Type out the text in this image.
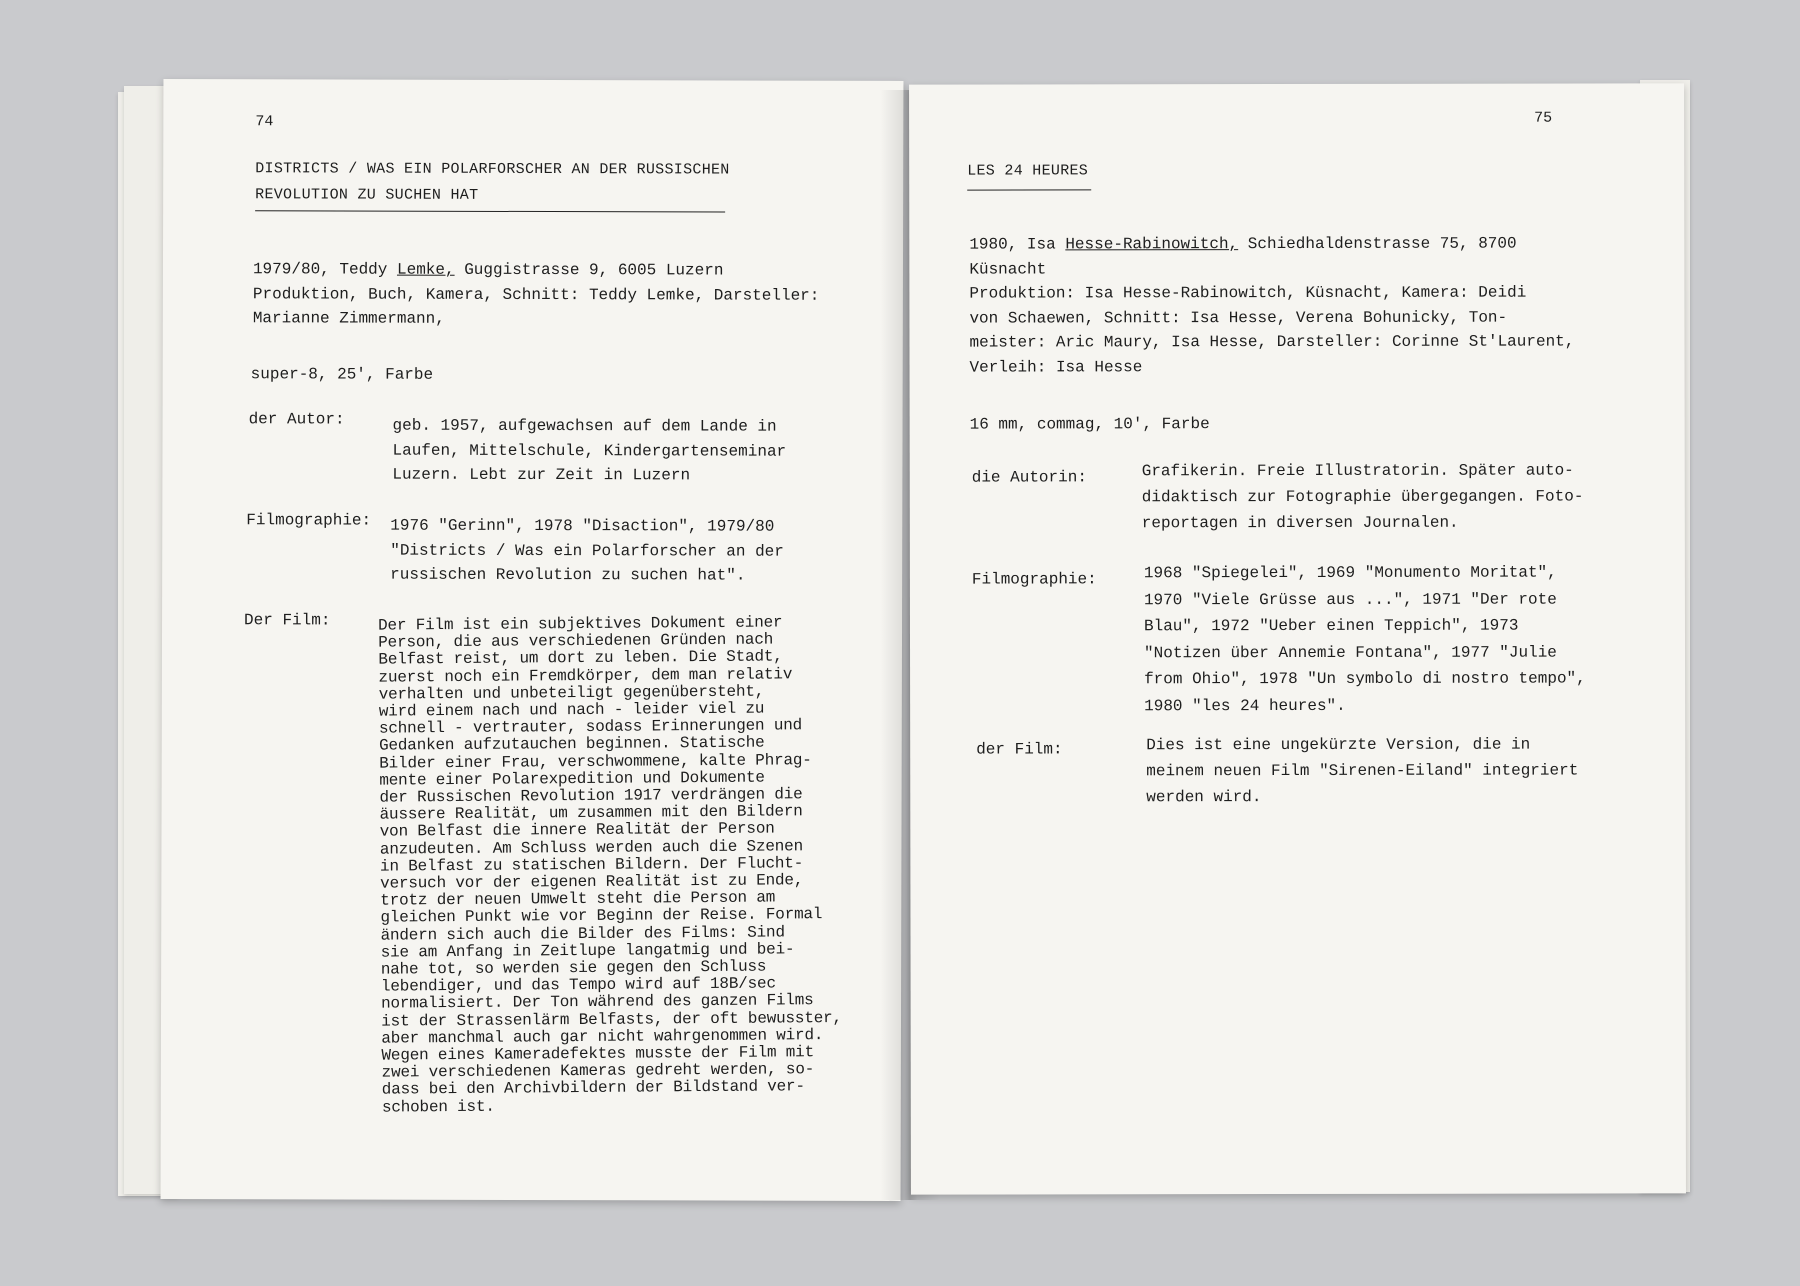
74
DISTRICTS / WAS EIN POLARFORSCHER AN DER RUSSISCHEN
REVOLUTION ZU SUCHEN HAT
1979/80, Teddy Lemke, Guggistrasse 9, 6005 Luzern
Produktion, Buch, Kamera, Schnitt: Teddy Lemke, Darsteller:
Marianne Zimmermann,
super-8, 25', Farbe
der Autor:	geb. 1957, aufgewachsen auf dem Lande in
Laufen, Mittelschule, Kindergartenseminar
Luzern. Lebt zur Zeit in Luzern
Filmographie: 1976 "Gerinn", 1978 "Disaction", 1979/80
"Districts / Was ein Polarforscher an der
russischen Revolution zu suchen hat".
Der Film:	Der Film ist ein subjektives Dokument einer
Person, die aus verschiedenen Gründen nach
Belfast reist, um dort zu leben. Die Stadt,
zuerst noch ein Fremdkörper, dem man relativ
verhalten und unbeteiligt gegenübersteht,
wird einem nach und nach - leider viel zu
schnell - vertrauter, sodass Erinnerungen und
Gedanken aufzutauchen beginnen. Statische
Bilder einer Frau, verschwommene, kalte Phrag-
mente einer Polarexpedition und Dokumente
der Russischen Revolution 1917 verdrängen die
äussere Realität, um zusammen mit den Bildern
von Belfast die innere Realität der Person
anzudeuten. Am Schluss werden auch die Szenen
in Belfast zu statischen Bildern. Der Flucht-
versuch vor der eigenen Realität ist zu Ende,
trotz der neuen Umwelt steht die Person am
gleichen Punkt wie vor Beginn der Reise. Formal
ändern sich auch die Bilder des Films: Sind
sie am Anfang in Zeitlupe langatmig und bei-
nahe tot, so werden sie gegen den Schluss
lebendiger, und das Tempo wird auf 18B/sec
normalisiert. Der Ton während des ganzen Films
ist der Strassenlärm Belfasts, der oft bewusster,
aber manchmal auch gar nicht wahrgenommen wird.
Wegen eines Kameradefektes musste der Film mit
zwei verschiedenen Kameras gedreht werden, so-
dass bei den Archivbildern der Bildstand ver-
schoben ist.

75
LES 24 HEURES
1980, Isa Hesse-Rabinowitch, Schiedhaldenstrasse 75, 8700
Küsnacht
Produktion: Isa Hesse-Rabinowitch, Küsnacht, Kamera: Deidi
von Schaewen, Schnitt: Isa Hesse, Verena Bohunicky, Ton-
meister: Aric Maury, Isa Hesse, Darsteller: Corinne St'Laurent,
Verleih: Isa Hesse
16 mm, commag, 10', Farbe
die Autorin:	Grafikerin. Freie Illustratorin. Später auto-
didaktisch zur Fotographie übergegangen. Foto-
reportagen in diversen Journalen.
Filmographie:	1968 "Spiegelei", 1969 "Monumento Moritat",
1970 "Viele Grüsse aus ...", 1971 "Der rote
Blau", 1972 "Ueber einen Teppich", 1973
"Notizen über Annemie Fontana", 1977 "Julie
from Ohio", 1978 "Un symbolo di nostro tempo",
1980 "les 24 heures".
der Film:	Dies ist eine ungekürzte Version, die in
meinem neuen Film "Sirenen-Eiland" integriert
werden wird.
